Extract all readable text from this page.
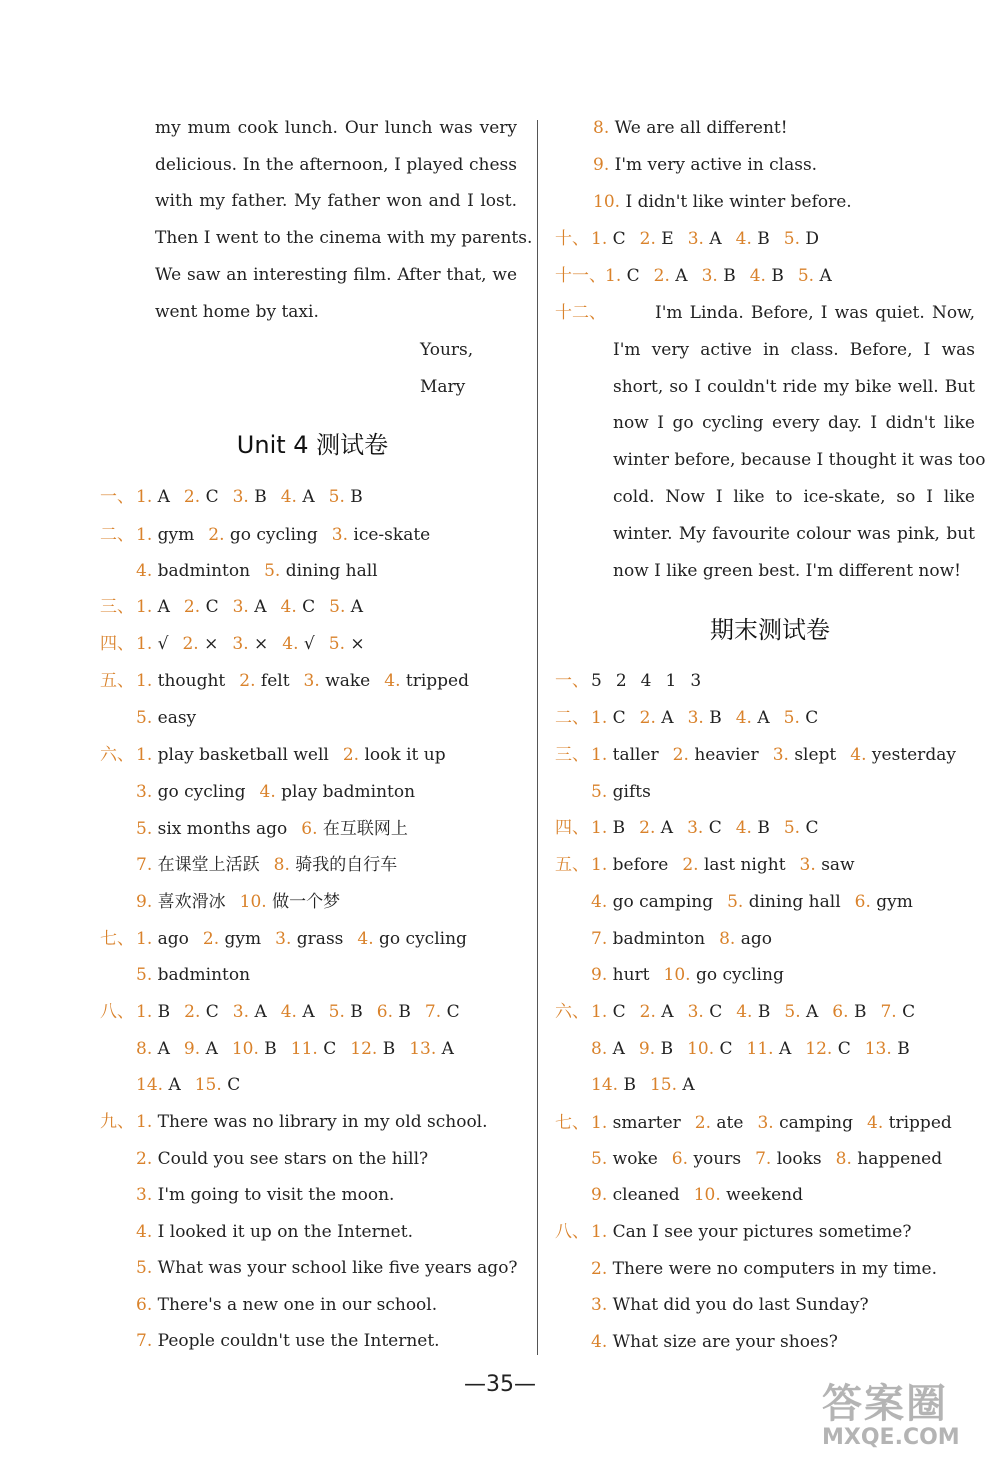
my mum cook lunch. Our lunch was very
delicious. In the afternoon, I played chess
with my father. My father won and I lost.
Then I went to the cinema with my parents.
We saw an interesting film. After that, we
went home by taxi.
Yours,
Mary
Unit 4 测试卷
一、 1. A 2. C 3. B 4. A 5. B
二、 1. gym 2. go cycling 3. ice-skate
4. badminton 5. dining hall
三、 1. A 2. C 3. A 4. C 5. A
四、 1. √ 2. × 3. × 4. √ 5. ×
五、 1. thought 2. felt 3. wake 4. tripped
5. easy
六、 1. play basketball well 2. look it up
3. go cycling 4. play badminton
5. six months ago 6. 在互联网上
7. 在课堂上活跃 8. 骑我的自行车
9. 喜欢滑冰 10. 做一个梦
七、 1. ago 2. gym 3. grass 4. go cycling
5. badminton
八、 1. B 2. C 3. A 4. A 5. B 6. B 7. C
8. A 9. A 10. B 11. C 12. B 13. A
14. A 15. C
九、 1. There was no library in my old school.
2. Could you see stars on the hill?
3. I'm going to visit the moon.
4. I looked it up on the Internet.
5. What was your school like five years ago?
6. There's a new one in our school.
7. People couldn't use the Internet.
8. We are all different!
9. I'm very active in class.
10. I didn't like winter before.
十、 1. C 2. E 3. A 4. B 5. D
十一、 1. C 2. A 3. B 4. B 5. A
十二、	I'm Linda. Before, I was quiet. Now,
I'm very active in class. Before, I was
short, so I couldn't ride my bike well. But
now I go cycling every day. I didn't like
winter before, because I thought it was too
cold. Now I like to ice-skate, so I like
winter. My favourite colour was pink, but
now I like green best. I'm different now!
期末测试卷
一、 5 2 4 1 3
二、 1. C 2. A 3. B 4. A 5. C
三、 1. taller 2. heavier 3. slept 4. yesterday
5. gifts
四、 1. B 2. A 3. C 4. B 5. C
五、 1. before 2. last night 3. saw
4. go camping 5. dining hall 6. gym
7. badminton 8. ago
9. hurt 10. go cycling
六、 1. C 2. A 3. C 4. B 5. A 6. B 7. C
8. A 9. B 10. C 11. A 12. C 13. B
14. B 15. A
七、 1. smarter 2. ate 3. camping 4. tripped
5. woke 6. yours 7. looks 8. happened
9. cleaned 10. weekend
八、 1. Can I see your pictures sometime?
2. There were no computers in my time.
3. What did you do last Sunday?
4. What size are your shoes?
—35—	答案圈
MXQE.COM
